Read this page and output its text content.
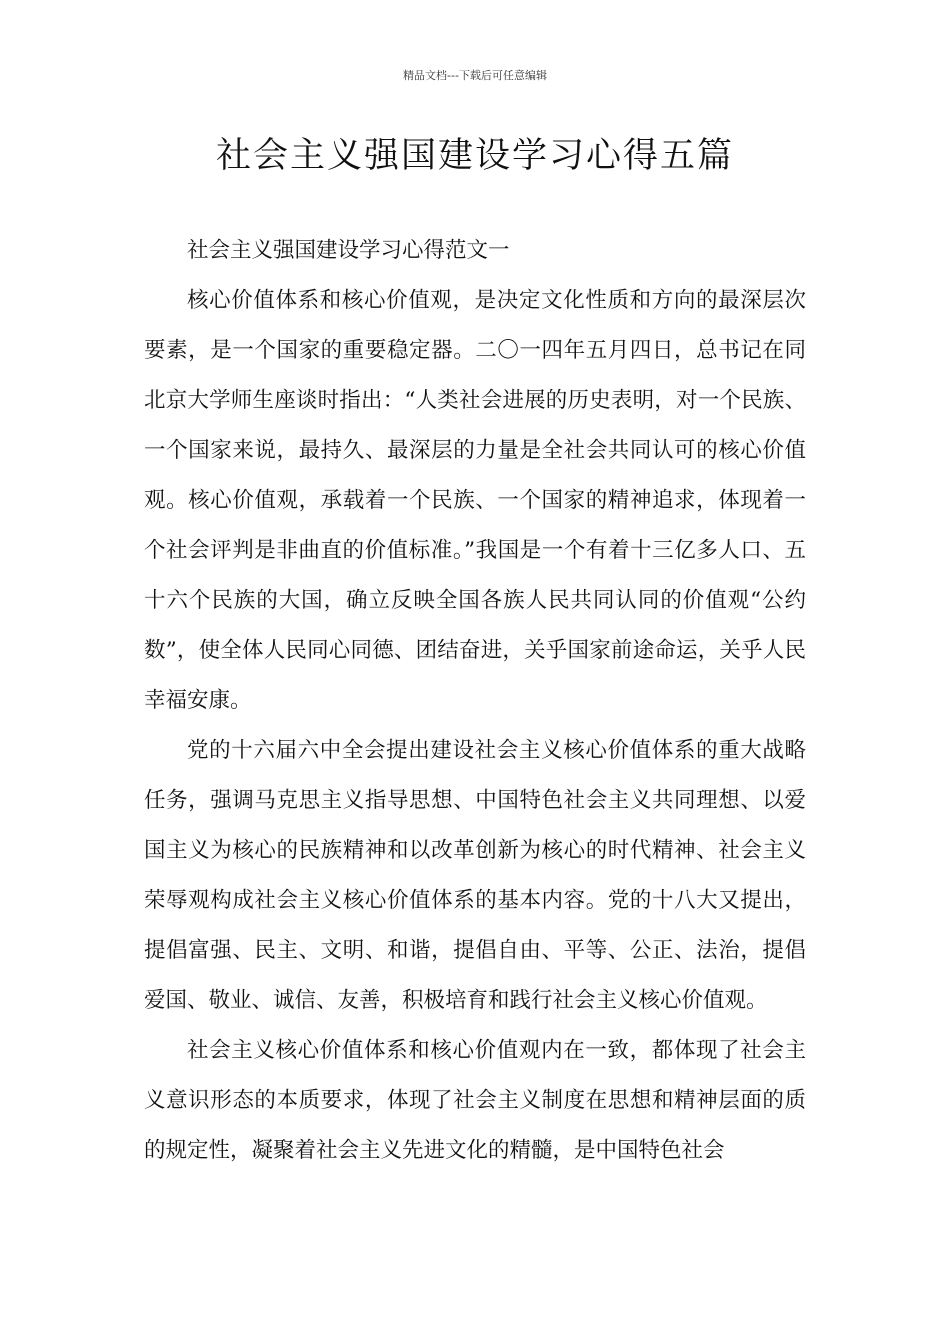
精品文档---下载后可任意编辑
社会主义强国建设学习心得五篇

社会主义强国建设学习心得范文一

核心价值体系和核心价值观，是决定文化性质和方向的最深层次要素，是一个国家的重要稳定器。二〇一四年五月四日，总书记在同北京大学师生座谈时指出：“人类社会进展的历史表明，对一个民族、一个国家来说，最持久、最深层的力量是全社会共同认可的核心价值观。核心价值观，承载着一个民族、一个国家的精神追求，体现着一个社会评判是非曲直的价值标准。”我国是一个有着十三亿多人口、五十六个民族的大国，确立反映全国各族人民共同认同的价值观“公约数”，使全体人民同心同德、团结奋进，关乎国家前途命运，关乎人民幸福安康。

党的十六届六中全会提出建设社会主义核心价值体系的重大战略任务，强调马克思主义指导思想、中国特色社会主义共同理想、以爱国主义为核心的民族精神和以改革创新为核心的时代精神、社会主义荣辱观构成社会主义核心价值体系的基本内容。党的十八大又提出，提倡富强、民主、文明、和谐，提倡自由、平等、公正、法治，提倡爱国、敬业、诚信、友善，积极培育和践行社会主义核心价值观。

社会主义核心价值体系和核心价值观内在一致，都体现了社会主义意识形态的本质要求，体现了社会主义制度在思想和精神层面的质的规定性，凝聚着社会主义先进文化的精髓，是中国特色社会
